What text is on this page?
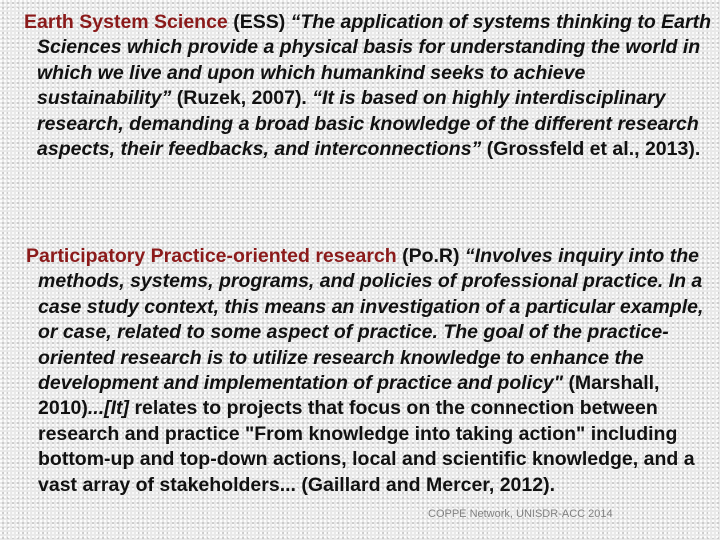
Earth System Science (ESS) “The application of systems thinking to Earth Sciences which provide a physical basis for understanding the world in which we live and upon which humankind seeks to achieve sustainability” (Ruzek, 2007). “It is based on highly interdisciplinary research, demanding a broad basic knowledge of the different research aspects, their feedbacks, and interconnections” (Grossfeld et al., 2013).
Participatory Practice-oriented research (Po.R) “Involves inquiry into the methods, systems, programs, and policies of professional practice. In a case study context, this means an investigation of a particular example, or case, related to some aspect of practice. The goal of the practice-oriented research is to utilize research knowledge to enhance the development and implementation of practice and policy" (Marshall, 2010)...[It] relates to projects that focus on the connection between research and practice "From knowledge into taking action" including bottom-up and top-down actions, local and scientific knowledge, and a vast array of stakeholders... (Gaillard and Mercer, 2012).
COPPE Network, UNISDR-ACC 2014
